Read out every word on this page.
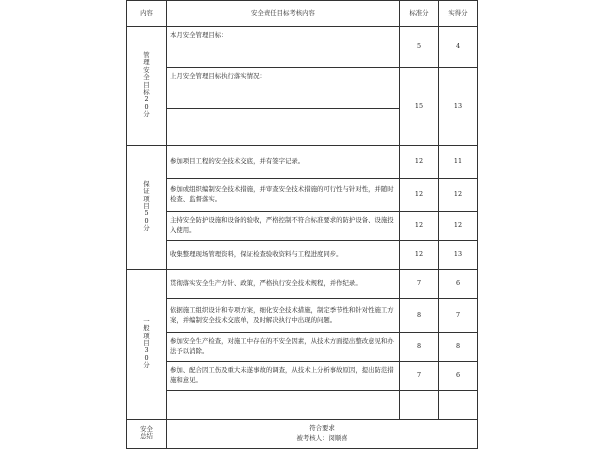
内容	安全责任目标考核内容	标准分	实得分
管理安全目标20分	本月安全管理目标：	5	4
	上月安全管理目标执行落实情况：	15	13

保证项目50分	参加项目工程的安全技术交底，并有签字记录。	12	11
	参加或组织编制安全技术措施，并审查安全技术措施的可行性与针对性，并随时检查、监督落实。	12	12
	主持安全防护设施和设备的验收，严格控制不符合标准要求的防护设备、设施投入使用。	12	12
	收集整理现场管理资料，保证检查验收资料与工程进度同步。	12	13
一般项目30分	贯彻落实安全生产方针、政策，严格执行安全技术规程，并作纪录。	7	6
	依据施工组织设计和专项方案，细化安全技术措施，制定季节性和针对性施工方案，并编制安全技术交底单，及时解决执行中出现的问题。	8	7
	参加安全生产检查，对施工中存在的不安全因素，从技术方面提出整改意见和办法予以消除。	8	8
	参加、配合因工伤及重大未遂事故的调查，从技术上分析事故原因，提出防范措施和意见。	7	6

安全总结	符合要求
被考核人：闵顺喜		
